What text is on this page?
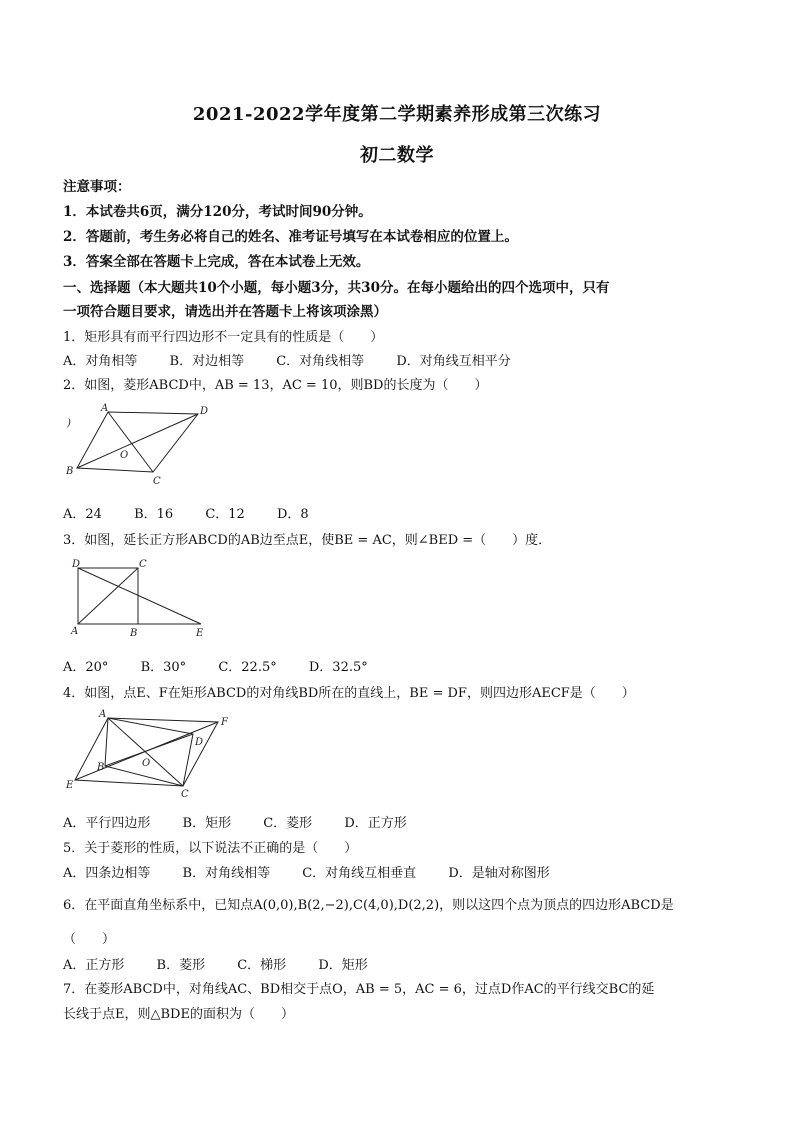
2021-2022学年度第二学期素养形成第三次练习
初二数学
注意事项：
1．本试卷共6页，满分120分，考试时间90分钟。
2．答题前，考生务必将自己的姓名、准考证号填写在本试卷相应的位置上。
3．答案全部在答题卡上完成，答在本试卷上无效。
一、选择题（本大题共10个小题，每小题3分，共30分。在每小题给出的四个选项中，只有
一项符合题目要求，请选出并在答题卡上将该项涂黑）
1．矩形具有而平行四边形不一定具有的性质是（　　）
A．对角相等 B．对边相等 C．对角线相等 D．对角线互相平分
2．如图，菱形ABCD中，AB = 13，AC = 10，则BD的长度为（　　）
A	D
C
B
O
)
A．24 B．16 C．12 D．8
3．如图，延长正方形ABCD的AB边至点E，使BE = AC，则∠BED =（　　）度．
D	C
A	B	E
A．20° B．30° C．22.5° D．32.5°
4．如图，点E、F在矩形ABCD的对角线BD所在的直线上，BE = DF，则四边形AECF是（　　）
A
F
D
B
E
C
O
A．平行四边形 B．矩形 C．菱形 D．正方形
5．关于菱形的性质，以下说法不正确的是（　　）
A．四条边相等 B．对角线相等 C．对角线互相垂直 D．是轴对称图形
6．在平面直角坐标系中，已知点A(0,0),B(2,−2),C(4,0),D(2,2)，则以这四个点为顶点的四边形ABCD是
（　　）
A．正方形 B．菱形 C．梯形 D．矩形
7．在菱形ABCD中，对角线AC、BD相交于点O，AB = 5，AC = 6，过点D作AC的平行线交BC的延
长线于点E，则△BDE的面积为（　　）
